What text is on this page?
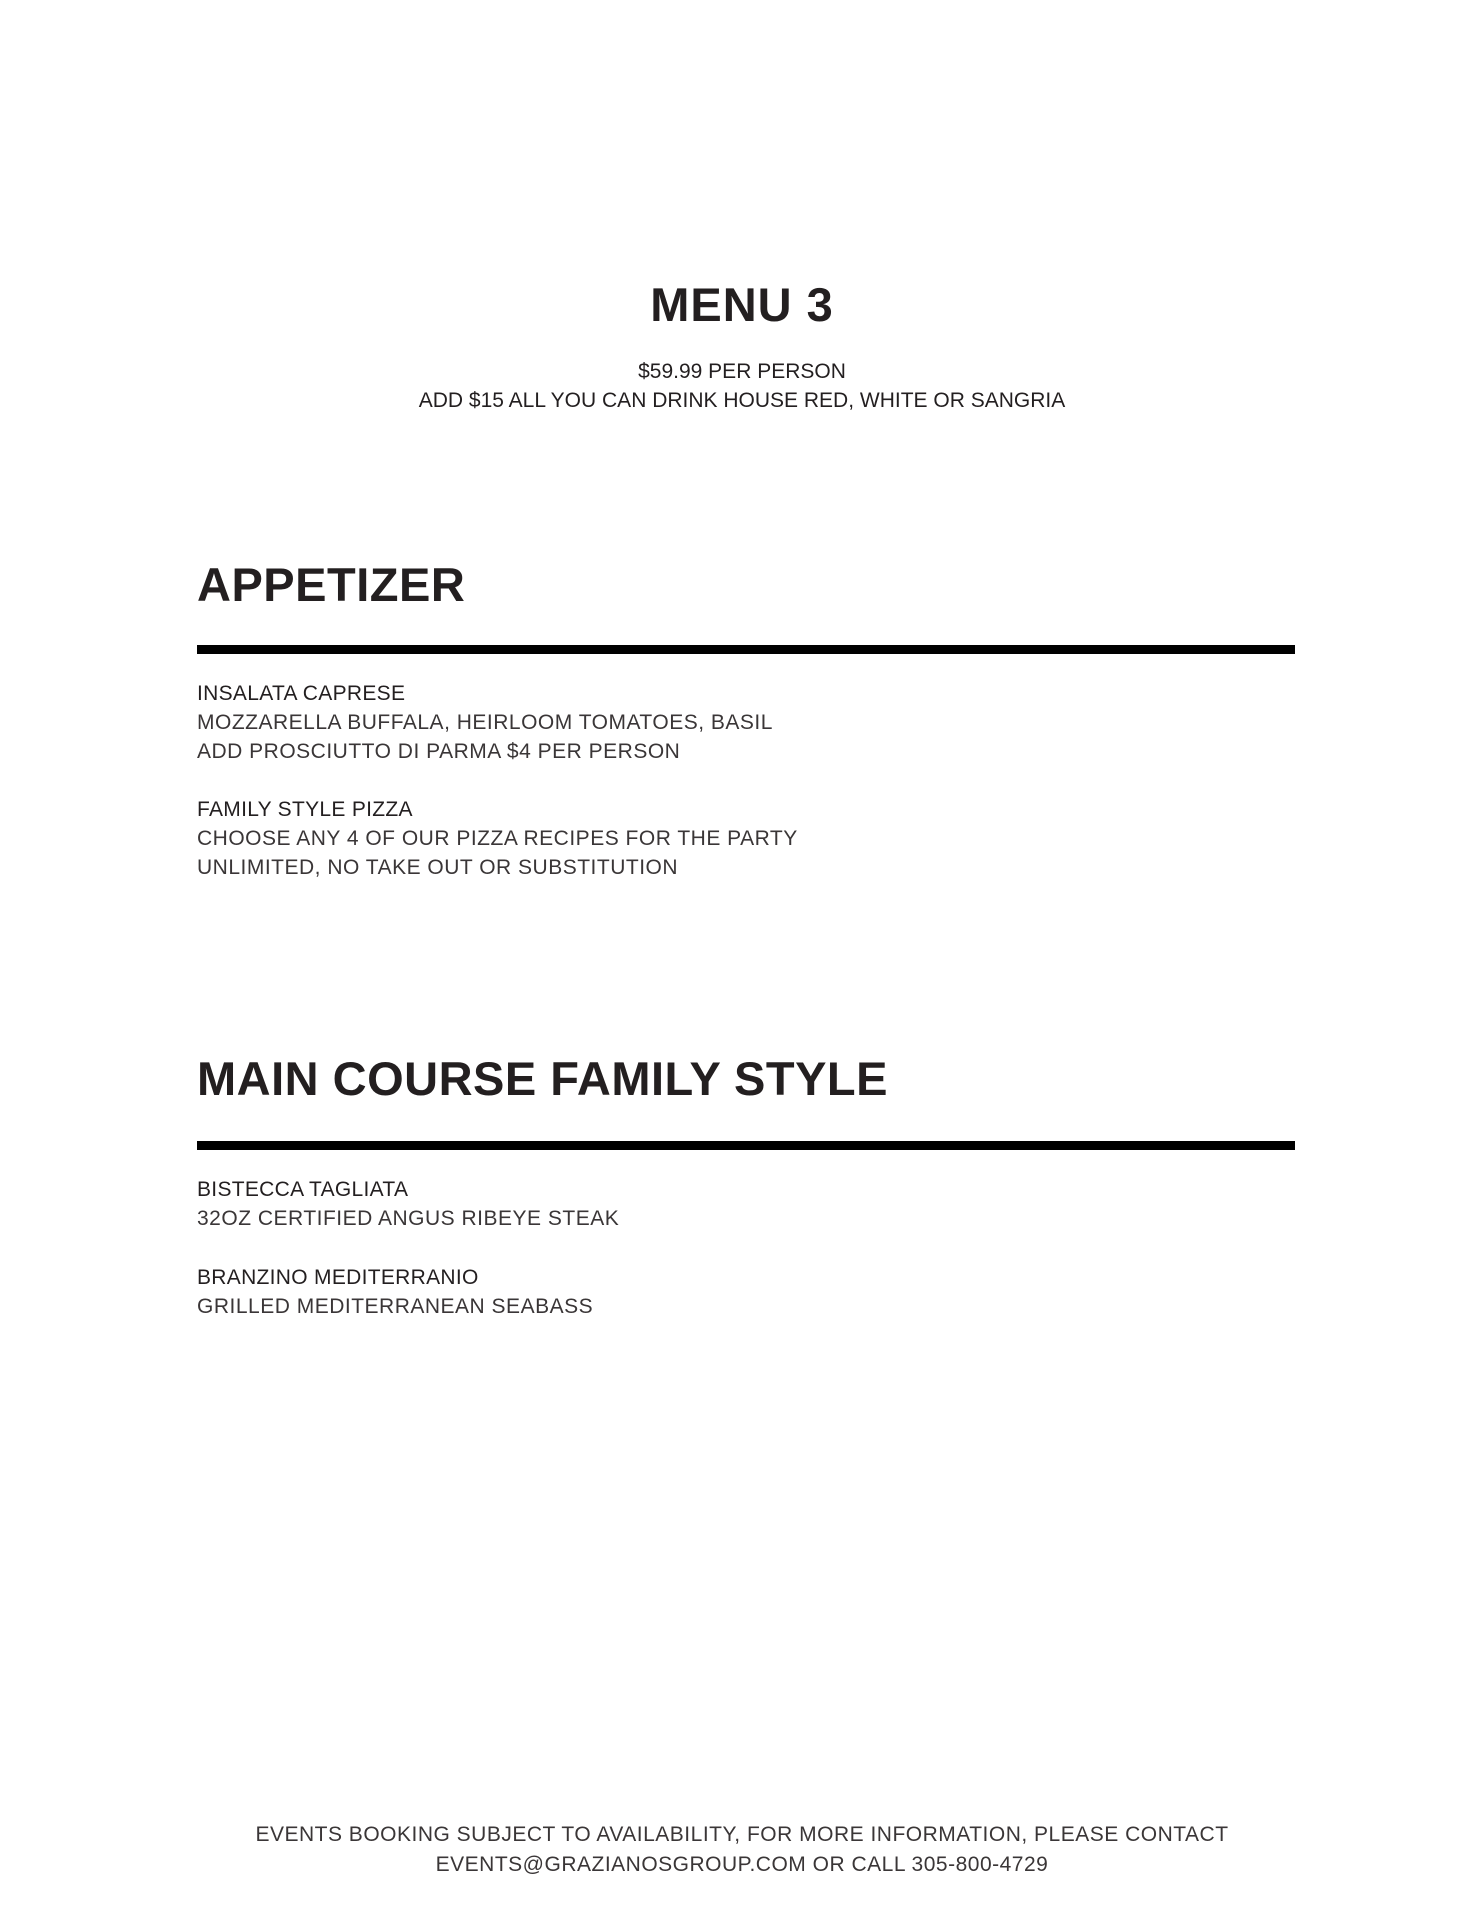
MENU 3
$59.99 PER PERSON
ADD $15 ALL YOU CAN DRINK HOUSE RED, WHITE OR SANGRIA
APPETIZER
INSALATA CAPRESE
MOZZARELLA BUFFALA, HEIRLOOM TOMATOES, BASIL
ADD PROSCIUTTO DI PARMA $4 PER PERSON
FAMILY STYLE PIZZA
CHOOSE ANY 4 OF OUR PIZZA RECIPES FOR THE PARTY
UNLIMITED, NO TAKE OUT OR SUBSTITUTION
MAIN COURSE FAMILY STYLE
BISTECCA TAGLIATA
32OZ CERTIFIED ANGUS RIBEYE STEAK
BRANZINO MEDITERRANIO
GRILLED MEDITERRANEAN SEABASS
EVENTS BOOKING SUBJECT TO AVAILABILITY, FOR MORE INFORMATION, PLEASE CONTACT
EVENTS@GRAZIANOSGROUP.COM OR CALL 305-800-4729
